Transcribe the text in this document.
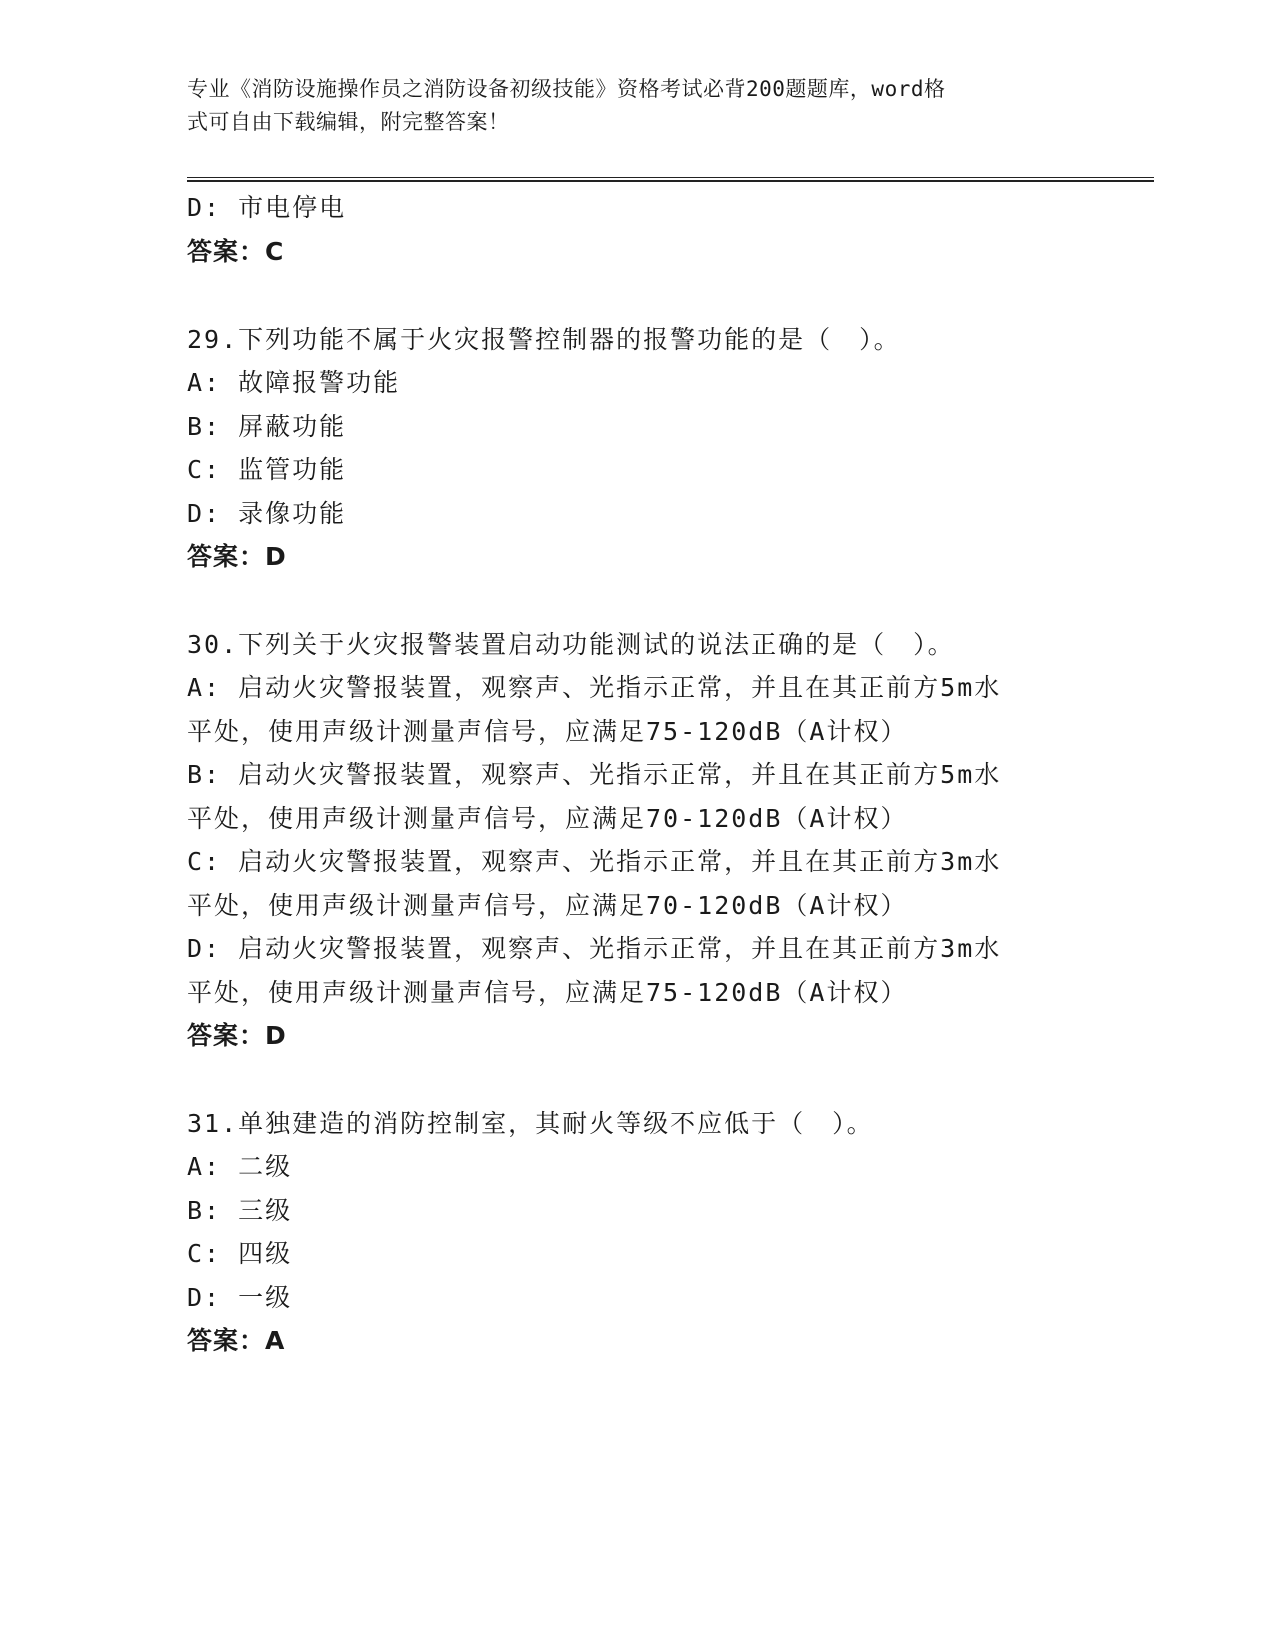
专业《消防设施操作员之消防设备初级技能》资格考试必背200题题库，word格
式可自由下载编辑，附完整答案！
D: 市电停电
答案：C
29.下列功能不属于火灾报警控制器的报警功能的是（　）。
A: 故障报警功能
B: 屏蔽功能
C: 监管功能
D: 录像功能
答案：D
30.下列关于火灾报警装置启动功能测试的说法正确的是（　）。
A: 启动火灾警报装置，观察声、光指示正常，并且在其正前方5m水
平处，使用声级计测量声信号，应满足75-120dB（A计权）
B: 启动火灾警报装置，观察声、光指示正常，并且在其正前方5m水
平处，使用声级计测量声信号，应满足70-120dB（A计权）
C: 启动火灾警报装置，观察声、光指示正常，并且在其正前方3m水
平处，使用声级计测量声信号，应满足70-120dB（A计权）
D: 启动火灾警报装置，观察声、光指示正常，并且在其正前方3m水
平处，使用声级计测量声信号，应满足75-120dB（A计权）
答案：D
31.单独建造的消防控制室，其耐火等级不应低于（　）。
A: 二级
B: 三级
C: 四级
D: 一级
答案：A
